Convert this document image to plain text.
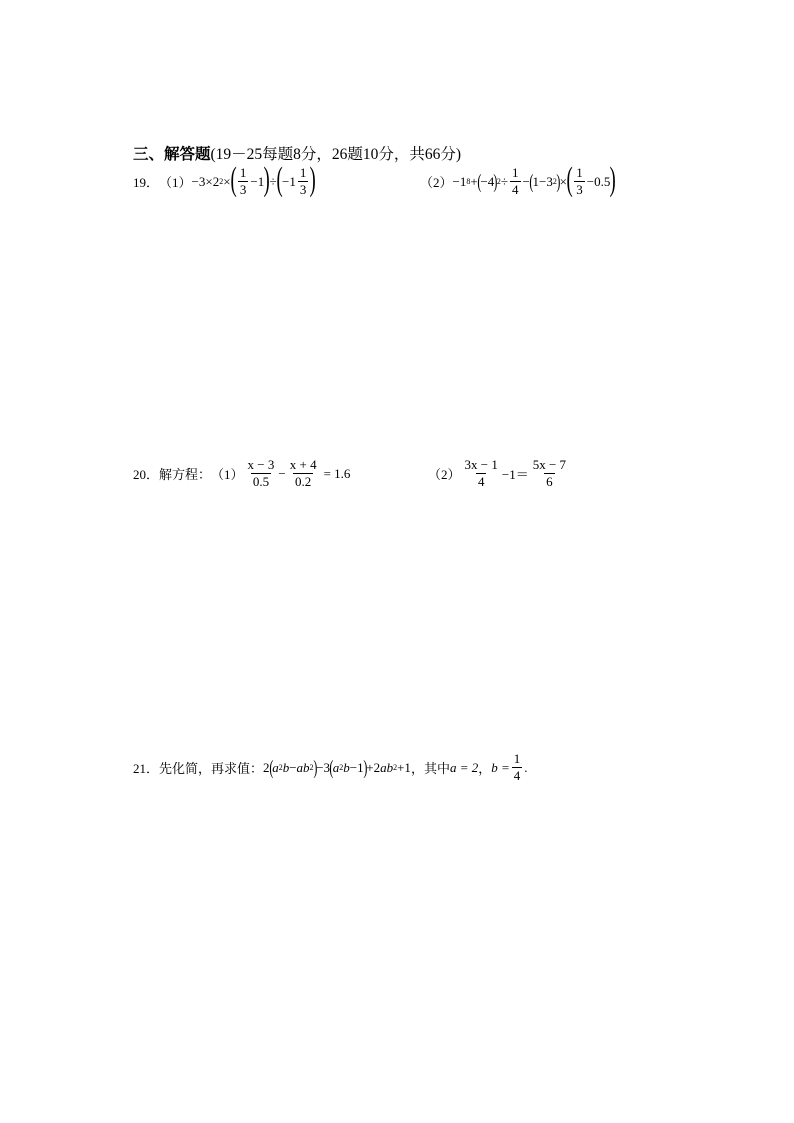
三、解答题(19－25每题8分，26题10分，共66分)
19． （1） −3×2 2 × ( $\frac{1}{3} -1$ ) ÷ ( $-1 \frac{1}{3}$ )	（2） −1 8 + ( −4 ) $2 \div \frac{1}{4}$ − ( 1−3 2 ) × ( $\frac{1}{3} -0.5$ )
20． 解方程： $(1) \frac{x - 3}{0.5} - \frac{x + 4}{0.2} = 1.6$	$(2) \frac{3x - 1}{4} -1= \frac{5x - 7}{6}$
21． 先化简，再求值： 2 ( a 2 b − ab 2 ) −3 ( a 2 b −1 ) +2 ab 2 +1 ，其中 a = 2 ， $b = \frac{1}{4}$ .
